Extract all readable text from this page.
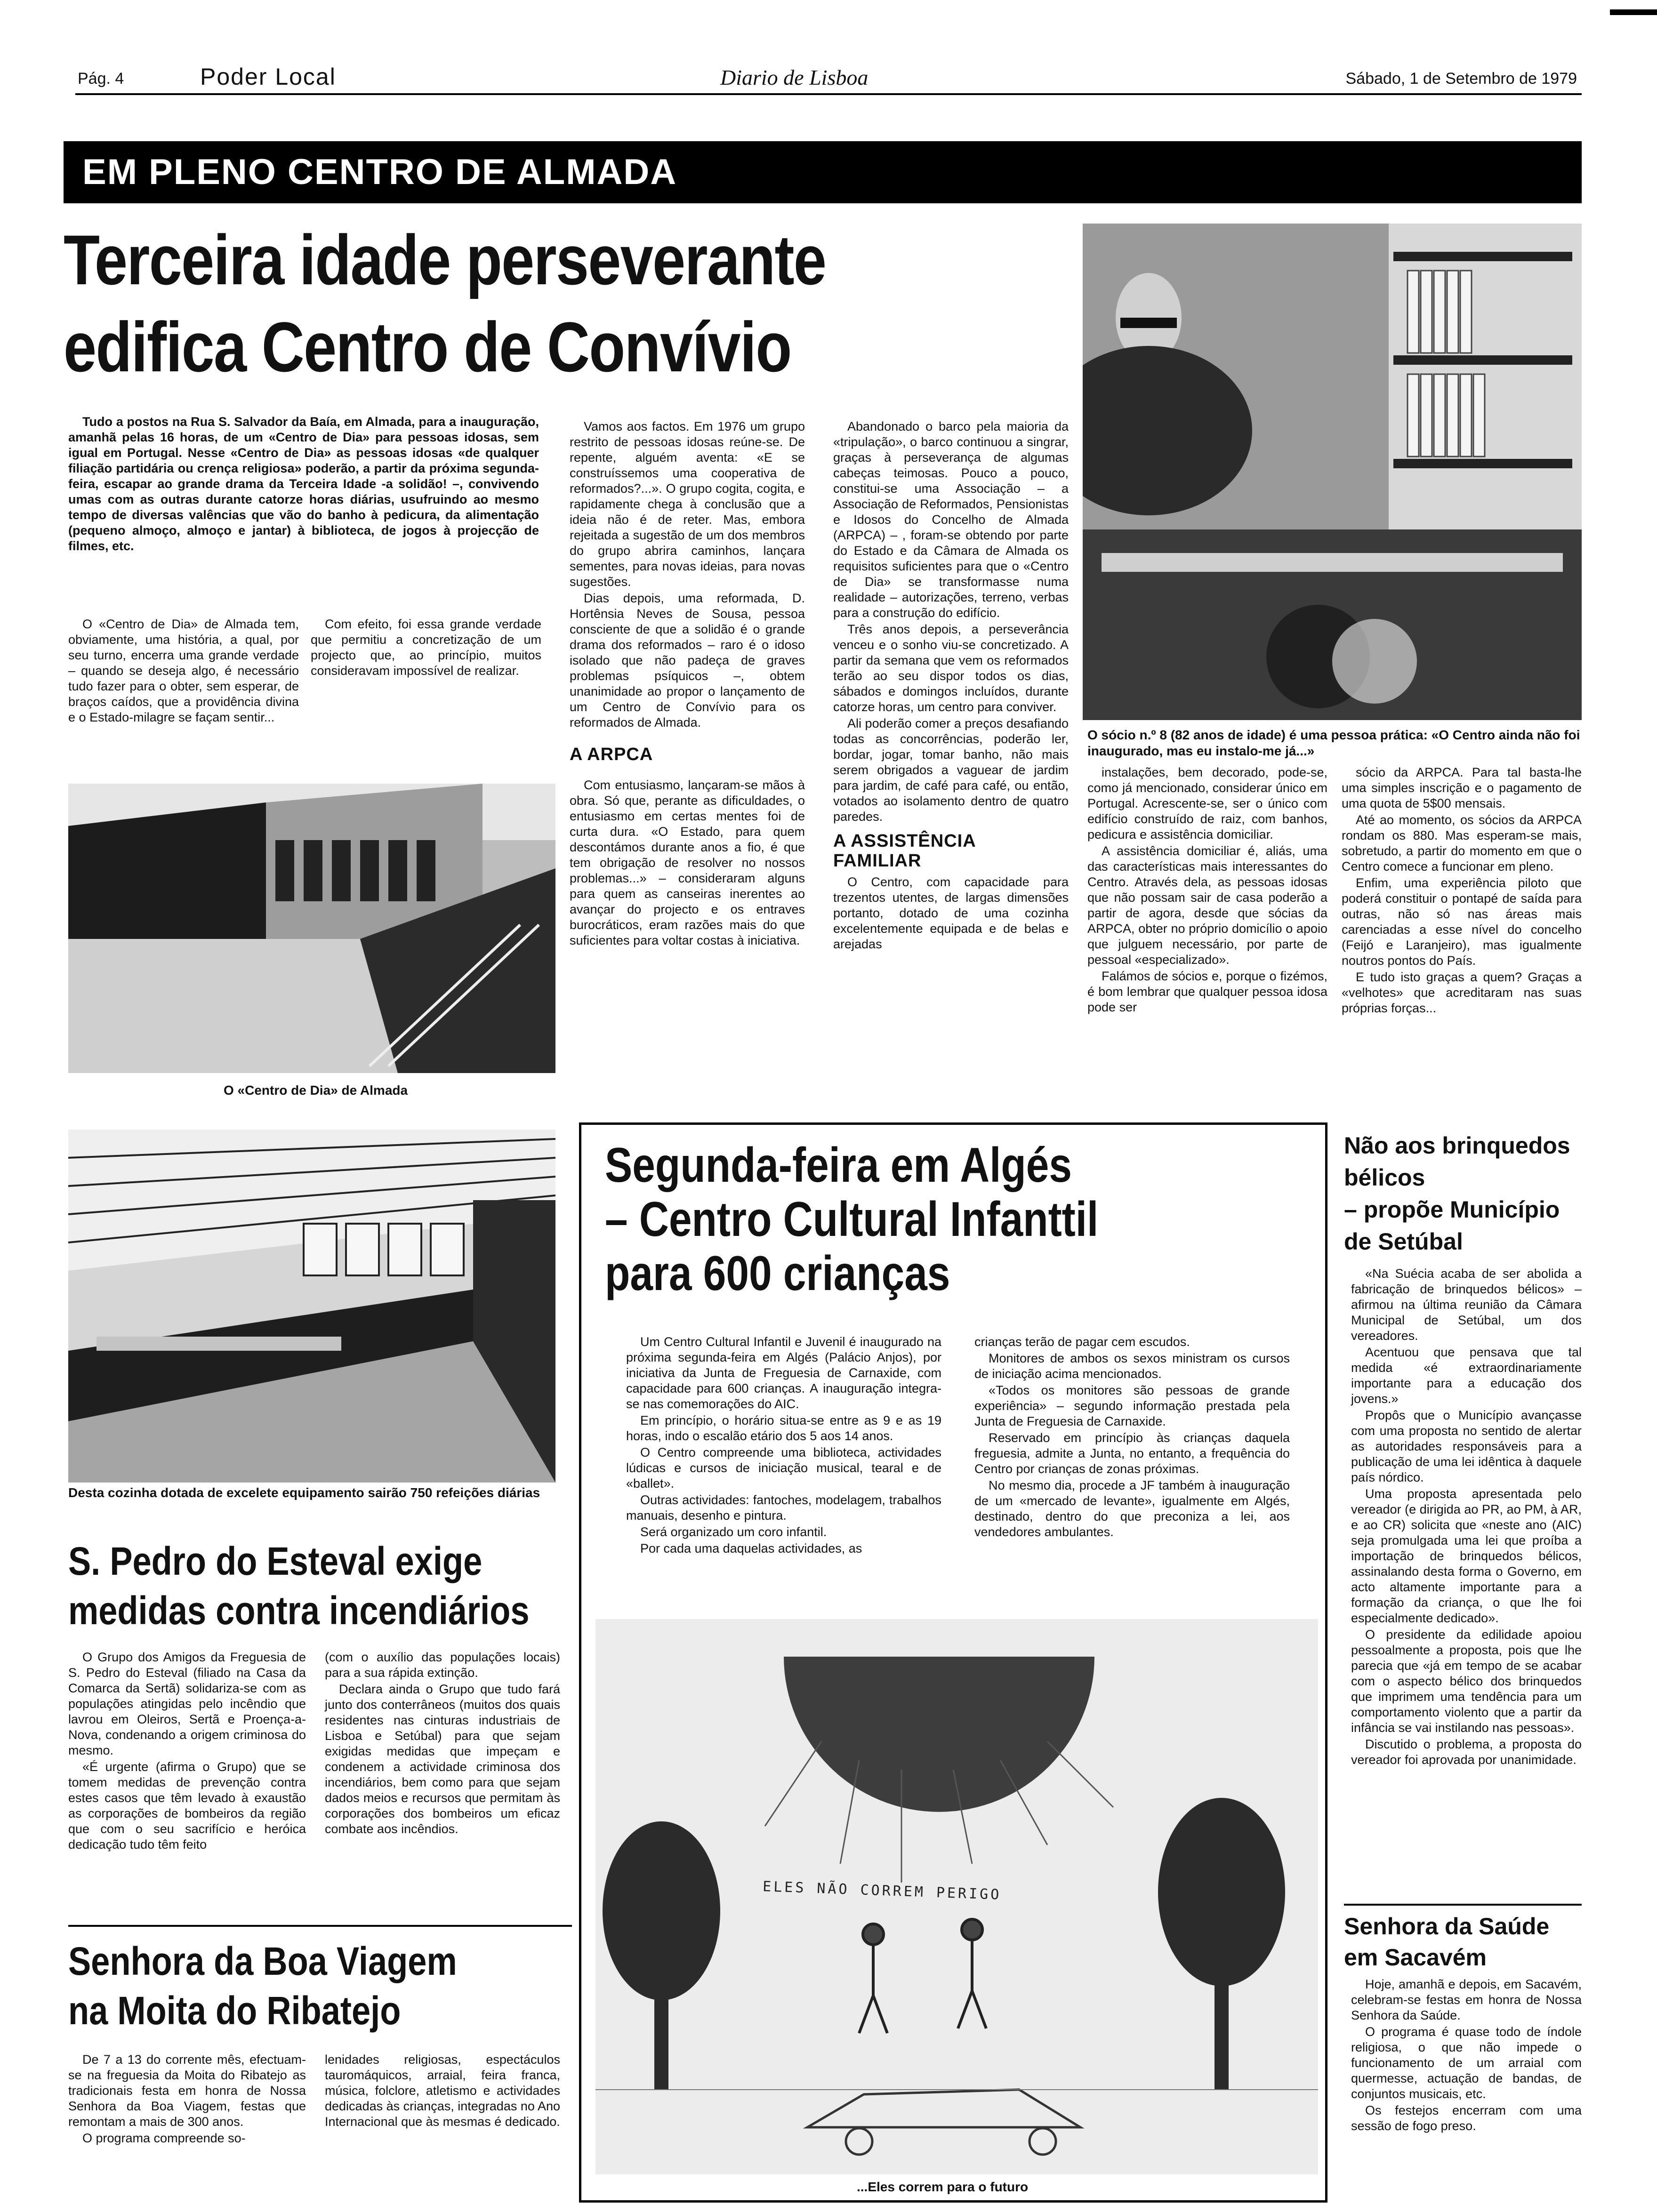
Pág. 4	Poder Local	Diario de Lisboa	Sábado, 1 de Setembro de 1979
EM PLENO CENTRO DE ALMADA
Terceira idade perseverante
edifica Centro de Convívio
O sócio n.º 8 (82 anos de idade) é uma pessoa prática: «O Centro ainda não foi inaugurado, mas eu instalo-me já...»
Tudo a postos na Rua S. Salvador da Baía, em Almada, para a inauguração, amanhã pelas 16 horas, de um «Centro de Dia» para pessoas idosas, sem igual em Portugal. Nesse «Centro de Dia» as pessoas idosas «de qualquer filiação partidária ou crença religiosa» poderão, a partir da próxima segunda-feira, escapar ao grande drama da Terceira Idade -a solidão! –, convivendo umas com as outras durante catorze horas diárias, usufruindo ao mesmo tempo de diversas valências que vão do banho à pedicura, da alimentação (pequeno almoço, almoço e jantar) à biblioteca, de jogos à projecção de filmes, etc.
O «Centro de Dia» de Almada tem, obviamente, uma história, a qual, por seu turno, encerra uma grande verdade – quando se deseja algo, é necessário tudo fazer para o obter, sem esperar, de braços caídos, que a providência divina e o Estado-milagre se façam sentir...
Com efeito, foi essa grande verdade que permitiu a concretização de um projecto que, ao princípio, muitos consideravam impossível de realizar.
O «Centro de Dia» de Almada

Vamos aos factos. Em 1976 um grupo restrito de pessoas idosas reúne-se. De repente, alguém aventa: «E se construíssemos uma cooperativa de reformados?...». O grupo cogita, cogita, e rapidamente chega à conclusão que a ideia não é de reter. Mas, embora rejeitada a sugestão de um dos membros do grupo abrira caminhos, lançara sementes, para novas ideias, para novas sugestões.

Dias depois, uma reformada, D. Hortênsia Neves de Sousa, pessoa consciente de que a solidão é o grande drama dos reformados – raro é o idoso isolado que não padeça de graves problemas psíquicos –, obtem unanimidade ao propor o lançamento de um Centro de Convívio para os reformados de Almada.

A ARPCA

Com entusiasmo, lançaram-se mãos à obra. Só que, perante as dificuldades, o entusiasmo em certas mentes foi de curta dura. «O Estado, para quem descontámos durante anos a fio, é que tem obrigação de resolver no nossos problemas...» – consideraram alguns para quem as canseiras inerentes ao avançar do projecto e os entraves burocráticos, eram razões mais do que suficientes para voltar costas à iniciativa.

Abandonado o barco pela maioria da «tripulação», o barco continuou a singrar, graças à perseverança de algumas cabeças teimosas. Pouco a pouco, constitui-se uma Associação – a Associação de Reformados, Pensionistas e Idosos do Concelho de Almada (ARPCA) – , foram-se obtendo por parte do Estado e da Câmara de Almada os requisitos suficientes para que o «Centro de Dia» se transformasse numa realidade – autorizações, terreno, verbas para a construção do edifício.

Três anos depois, a perseverância venceu e o sonho viu-se concretizado. A partir da semana que vem os reformados terão ao seu dispor todos os dias, sábados e domingos incluídos, durante catorze horas, um centro para conviver.

Ali poderão comer a preços desafiando todas as concorrências, poderão ler, bordar, jogar, tomar banho, não mais serem obrigados a vaguear de jardim para jardim, de café para café, ou então, votados ao isolamento dentro de quatro paredes.

A ASSISTÊNCIA
FAMILIAR

O Centro, com capacidade para trezentos utentes, de largas dimensões portanto, dotado de uma cozinha excelentemente equipada e de belas e arejadas

instalações, bem decorado, pode-se, como já mencionado, considerar único em Portugal. Acrescente-se, ser o único com edifício construído de raiz, com banhos, pedicura e assistência domiciliar.

A assistência domiciliar é, aliás, uma das características mais interessantes do Centro. Através dela, as pessoas idosas que não possam sair de casa poderão a partir de agora, desde que sócias da ARPCA, obter no próprio domicílio o apoio que julguem necessário, por parte de pessoal «especializado».

Falámos de sócios e, porque o fizémos, é bom lembrar que qualquer pessoa idosa pode ser

sócio da ARPCA. Para tal basta-lhe uma simples inscrição e o pagamento de uma quota de 5$00 mensais.

Até ao momento, os sócios da ARPCA rondam os 880. Mas esperam-se mais, sobretudo, a partir do momento em que o Centro comece a funcionar em pleno.

Enfim, uma experiência piloto que poderá constituir o pontapé de saída para outras, não só nas áreas mais carenciadas a esse nível do concelho (Feijó e Laranjeiro), mas igualmente noutros pontos do País.

E tudo isto graças a quem? Graças a «velhotes» que acreditaram nas suas próprias forças...

Desta cozinha dotada de excelete equipamento sairão 750 refeições diárias
S. Pedro do Esteval exige
medidas contra incendiários

O Grupo dos Amigos da Freguesia de S. Pedro do Esteval (filiado na Casa da Comarca da Sertã) solidariza-se com as populações atingidas pelo incêndio que lavrou em Oleiros, Sertã e Proença-a-Nova, condenando a origem criminosa do mesmo.

«É urgente (afirma o Grupo) que se tomem medidas de prevenção contra estes casos que têm levado à exaustão as corporações de bombeiros da região que com o seu sacrifício e heróica dedicação tudo têm feito

(com o auxílio das populações locais) para a sua rápida extinção.

Declara ainda o Grupo que tudo fará junto dos conterrâneos (muitos dos quais residentes nas cinturas industriais de Lisboa e Setúbal) para que sejam exigidas medidas que impeçam e condenem a actividade criminosa dos incendiários, bem como para que sejam dados meios e recursos que permitam às corporações dos bombeiros um eficaz combate aos incêndios.

Senhora da Boa Viagem
na Moita do Ribatejo

De 7 a 13 do corrente mês, efectuam-se na freguesia da Moita do Ribatejo as tradicionais festa em honra de Nossa Senhora da Boa Viagem, festas que remontam a mais de 300 anos.

O programa compreende so-

lenidades religiosas, espectáculos tauromáquicos, arraial, feira franca, música, folclore, atletismo e actividades dedicadas às crianças, integradas no Ano Internacional que às mesmas é dedicado.

Segunda-feira em Algés
– Centro Cultural Infanttil
para 600 crianças

Um Centro Cultural Infantil e Juvenil é inaugurado na próxima segunda-feira em Algés (Palácio Anjos), por iniciativa da Junta de Freguesia de Carnaxide, com capacidade para 600 crianças. A inauguração integra-se nas comemorações do AIC.

Em princípio, o horário situa-se entre as 9 e as 19 horas, indo o escalão etário dos 5 aos 14 anos.

O Centro compreende uma biblioteca, actividades lúdicas e cursos de iniciação musical, tearal e de «ballet».

Outras actividades: fantoches, modelagem, trabalhos manuais, desenho e pintura.

Será organizado um coro infantil.

Por cada uma daquelas actividades, as

crianças terão de pagar cem escudos.

Monitores de ambos os sexos ministram os cursos de iniciação acima mencionados.

«Todos os monitores são pessoas de grande experiência» – segundo informação prestada pela Junta de Freguesia de Carnaxide.

Reservado em princípio às crianças daquela freguesia, admite a Junta, no entanto, a frequência do Centro por crianças de zonas próximas.

No mesmo dia, procede a JF também à inauguração de um «mercado de levante», igualmente em Algés, destinado, dentro do que preconiza a lei, aos vendedores ambulantes.

ELES NÃO CORREM PERIGO
...Eles correm para o futuro
Não aos brinquedos
bélicos
– propõe Município
de Setúbal

«Na Suécia acaba de ser abolida a fabricação de brinquedos bélicos» – afirmou na última reunião da Câmara Municipal de Setúbal, um dos vereadores.

Acentuou que pensava que tal medida «é extraordinariamente importante para a educação dos jovens.»

Propôs que o Município avançasse com uma proposta no sentido de alertar as autoridades responsáveis para a publicação de uma lei idêntica à daquele país nórdico.

Uma proposta apresentada pelo vereador (e dirigida ao PR, ao PM, à AR, e ao CR) solicita que «neste ano (AIC) seja promulgada uma lei que proíba a importação de brinquedos bélicos, assinalando desta forma o Governo, em acto altamente importante para a formação da criança, o que lhe foi especialmente dedicado».

O presidente da edilidade apoiou pessoalmente a proposta, pois que lhe parecia que «já em tempo de se acabar com o aspecto bélico dos brinquedos que imprimem uma tendência para um comportamento violento que a partir da infância se vai instilando nas pessoas».

Discutido o problema, a proposta do vereador foi aprovada por unanimidade.

Senhora da Saúde
em Sacavém

Hoje, amanhã e depois, em Sacavém, celebram-se festas em honra de Nossa Senhora da Saúde.

O programa é quase todo de índole religiosa, o que não impede o funcionamento de um arraial com quermesse, actuação de bandas, de conjuntos musicais, etc.

Os festejos encerram com uma sessão de fogo preso.
